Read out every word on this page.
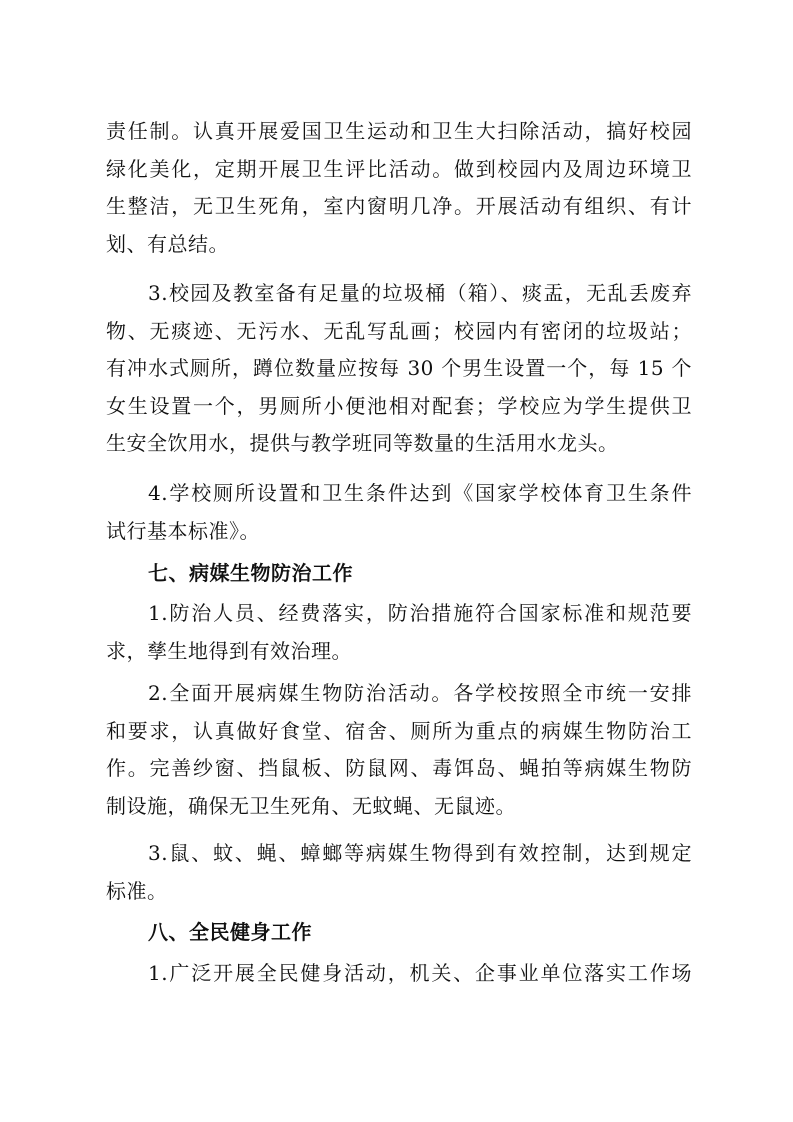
责任制。认真开展爱国卫生运动和卫生大扫除活动，搞好校园
绿化美化，定期开展卫生评比活动。做到校园内及周边环境卫
生整洁，无卫生死角，室内窗明几净。开展活动有组织、有计
划、有总结。
3.校园及教室备有足量的垃圾桶（箱）、痰盂，无乱丢废弃
物、无痰迹、无污水、无乱写乱画；校园内有密闭的垃圾站；
有冲水式厕所，蹲位数量应按每 30 个男生设置一个，每 15 个
女生设置一个，男厕所小便池相对配套；学校应为学生提供卫
生安全饮用水，提供与教学班同等数量的生活用水龙头。
4.学校厕所设置和卫生条件达到《国家学校体育卫生条件
试行基本标准》。
七、病媒生物防治工作
1.防治人员、经费落实，防治措施符合国家标准和规范要
求，孳生地得到有效治理。
2.全面开展病媒生物防治活动。各学校按照全市统一安排
和要求，认真做好食堂、宿舍、厕所为重点的病媒生物防治工
作。完善纱窗、挡鼠板、防鼠网、毒饵岛、蝇拍等病媒生物防
制设施，确保无卫生死角、无蚊蝇、无鼠迹。
3.鼠、蚊、蝇、蟑螂等病媒生物得到有效控制，达到规定
标准。
八、全民健身工作
1.广泛开展全民健身活动，机关、企事业单位落实工作场
